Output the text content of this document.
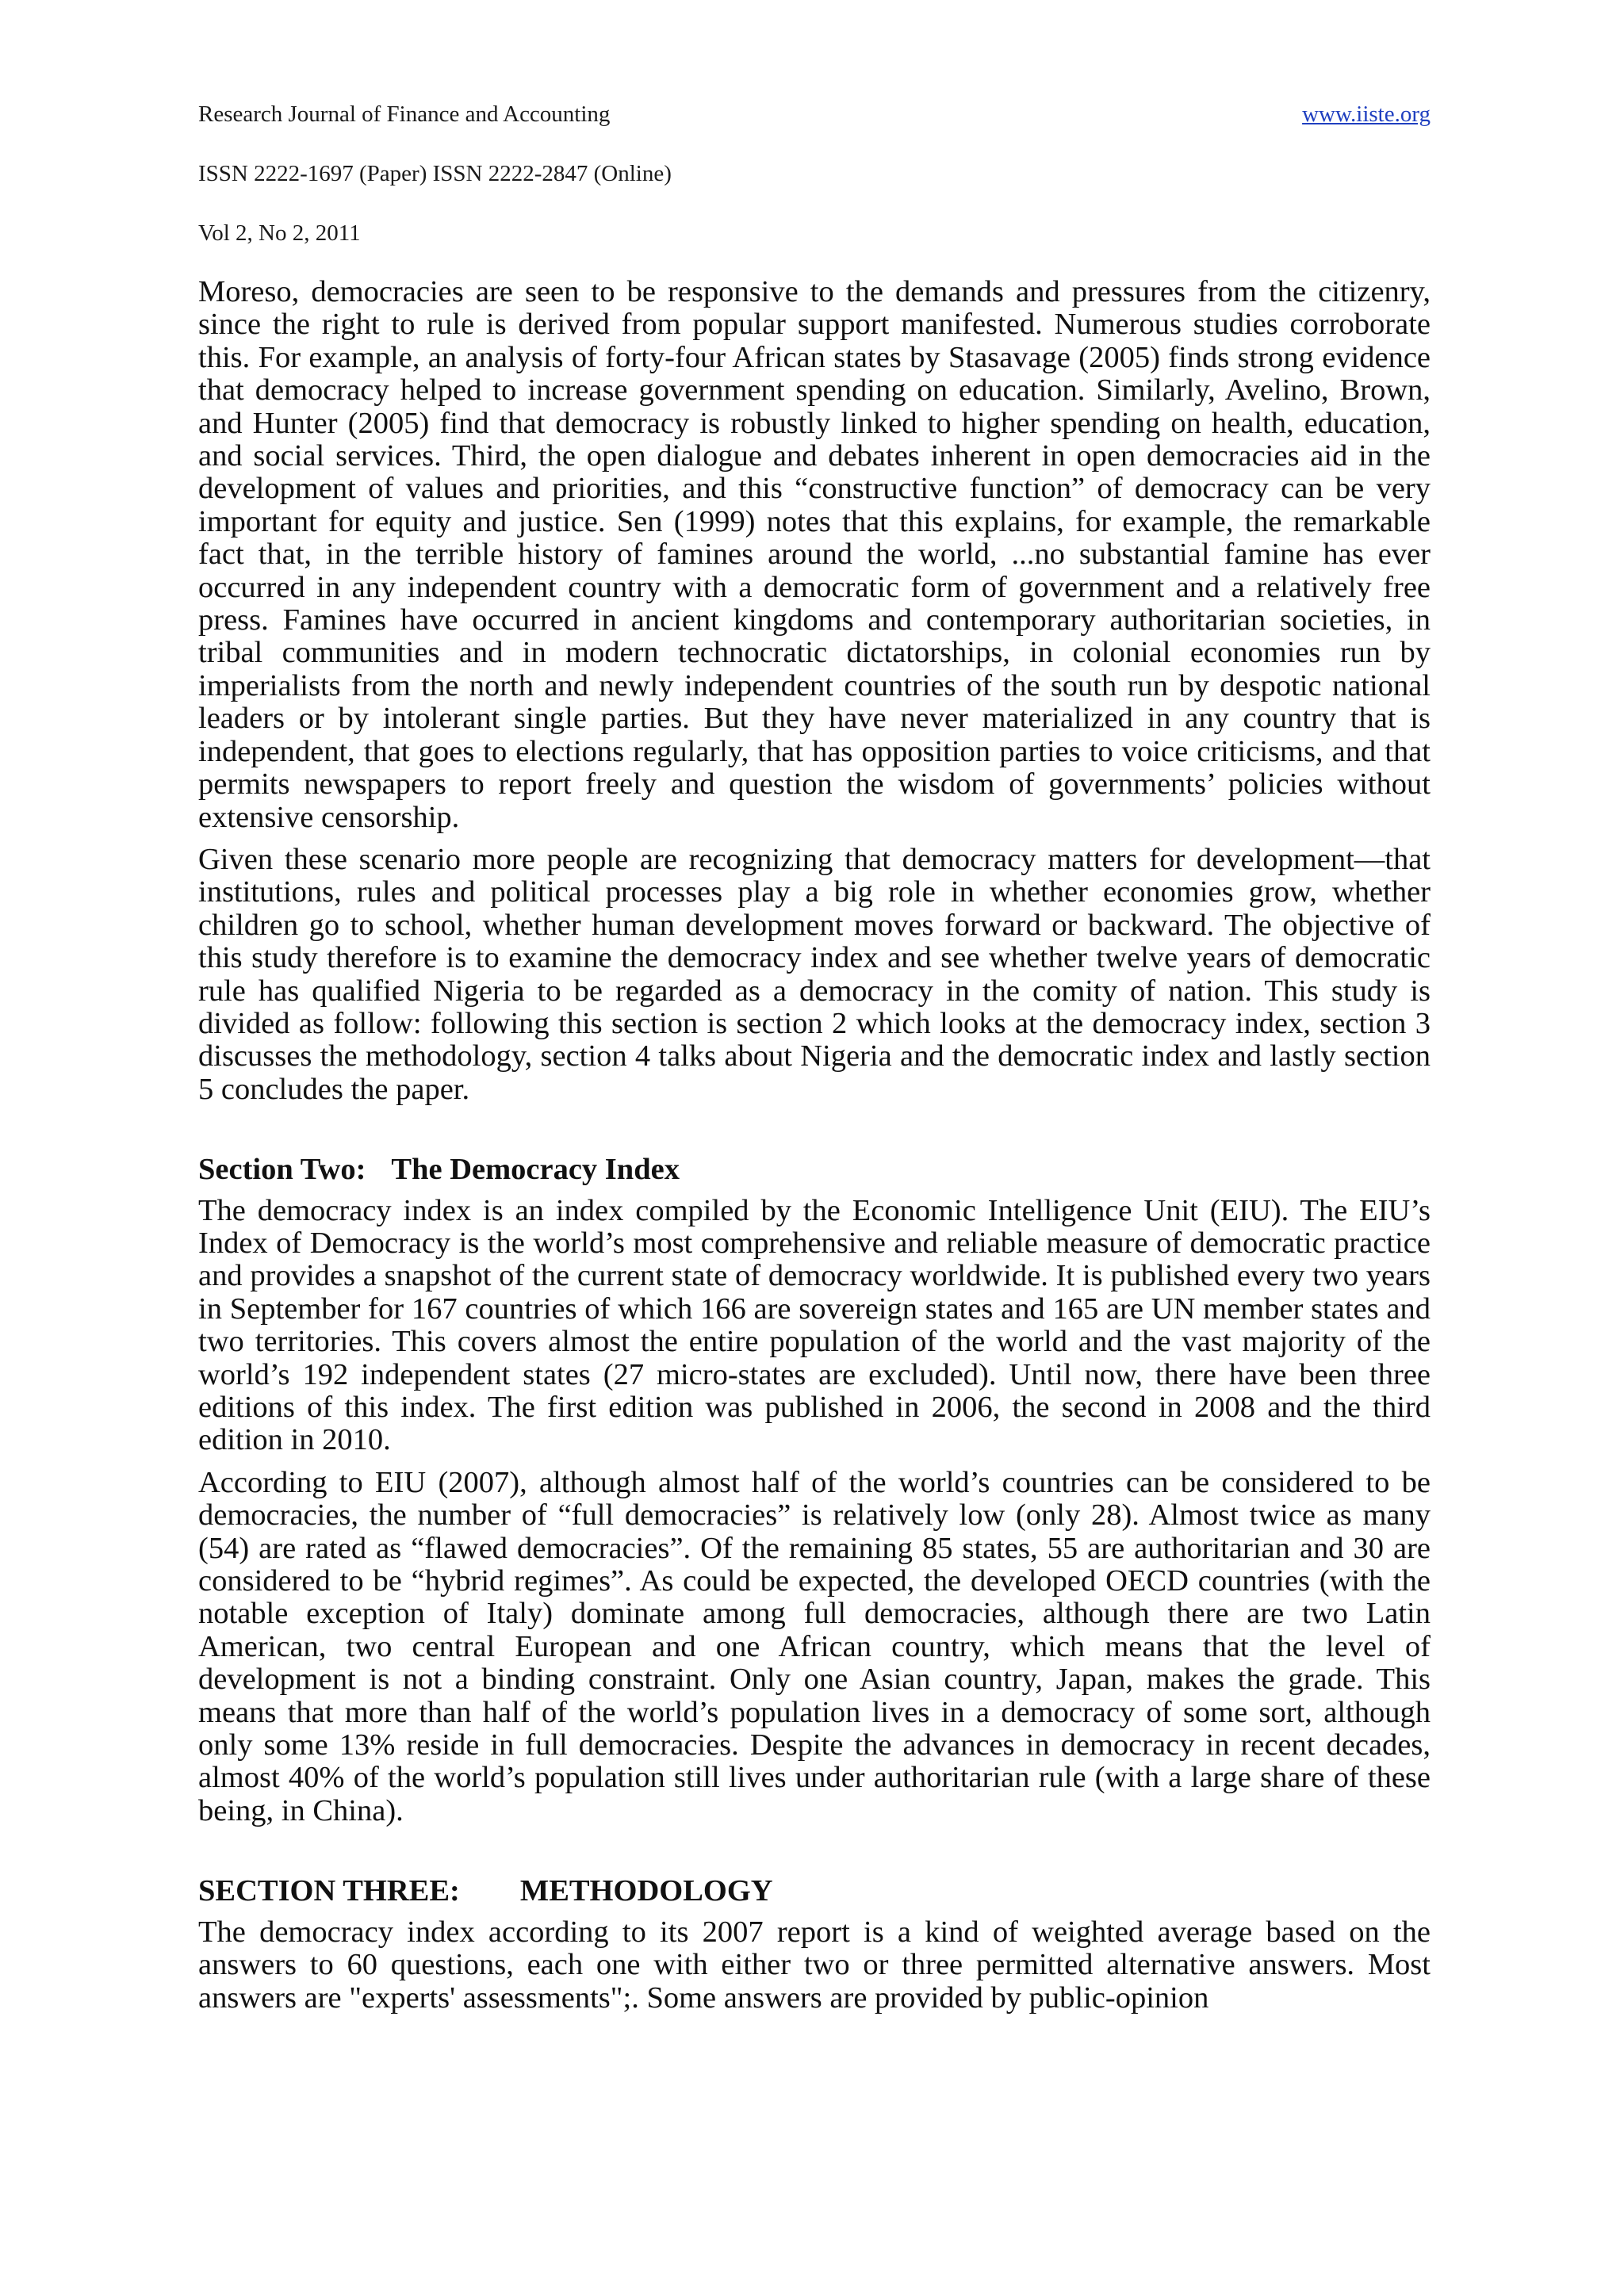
Research Journal of Finance and Accounting	www.iiste.org
ISSN 2222-1697 (Paper) ISSN 2222-2847 (Online)
Vol 2, No 2, 2011

Moreso, democracies are seen to be responsive to the demands and pressures from the citizenry, since the right to rule is derived from popular support manifested. Numerous studies corroborate this. For example, an analysis of forty-four African states by Stasavage (2005) finds strong evidence that democracy helped to increase government spending on education. Similarly, Avelino, Brown, and Hunter (2005) find that democracy is robustly linked to higher spending on health, education, and social services. Third, the open dialogue and debates inherent in open democracies aid in the development of values and priorities, and this “constructive function” of democracy can be very important for equity and justice. Sen (1999) notes that this explains, for example, the remarkable fact that, in the terrible history of famines around the world, ...no substantial famine has ever occurred in any independent country with a democratic form of government and a relatively free press. Famines have occurred in ancient kingdoms and contemporary authoritarian societies, in tribal communities and in modern technocratic dictatorships, in colonial economies run by imperialists from the north and newly independent countries of the south run by despotic national leaders or by intolerant single parties. But they have never materialized in any country that is independent, that goes to elections regularly, that has opposition parties to voice criticisms, and that permits newspapers to report freely and question the wisdom of governments’ policies without extensive censorship.

Given these scenario more people are recognizing that democracy matters for development—that institutions, rules and political processes play a big role in whether economies grow, whether children go to school, whether human development moves forward or backward. The objective of this study therefore is to examine the democracy index and see whether twelve years of democratic rule has qualified Nigeria to be regarded as a democracy in the comity of nation. This study is divided as follow: following this section is section 2 which looks at the democracy index, section 3 discusses the methodology, section 4 talks about Nigeria and the democratic index and lastly section 5 concludes the paper.

Section Two: The Democracy Index

The democracy index is an index compiled by the Economic Intelligence Unit (EIU). The EIU’s Index of Democracy is the world’s most comprehensive and reliable measure of democratic practice and provides a snapshot of the current state of democracy worldwide. It is published every two years in September for 167 countries of which 166 are sovereign states and 165 are UN member states and two territories. This covers almost the entire population of the world and the vast majority of the world’s 192 independent states (27 micro-states are excluded). Until now, there have been three editions of this index. The first edition was published in 2006, the second in 2008 and the third edition in 2010.

According to EIU (2007), although almost half of the world’s countries can be considered to be democracies, the number of “full democracies” is relatively low (only 28). Almost twice as many (54) are rated as “flawed democracies”. Of the remaining 85 states, 55 are authoritarian and 30 are considered to be “hybrid regimes”. As could be expected, the developed OECD countries (with the notable exception of Italy) dominate among full democracies, although there are two Latin American, two central European and one African country, which means that the level of development is not a binding constraint. Only one Asian country, Japan, makes the grade. This means that more than half of the world’s population lives in a democracy of some sort, although only some 13% reside in full democracies. Despite the advances in democracy in recent decades, almost 40% of the world’s population still lives under authoritarian rule (with a large share of these being, in China).

SECTION THREE: METHODOLOGY

The democracy index according to its 2007 report is a kind of weighted average based on the answers to 60 questions, each one with either two or three permitted alternative answers. Most answers are "experts' assessments";. Some answers are provided by public-opinion
